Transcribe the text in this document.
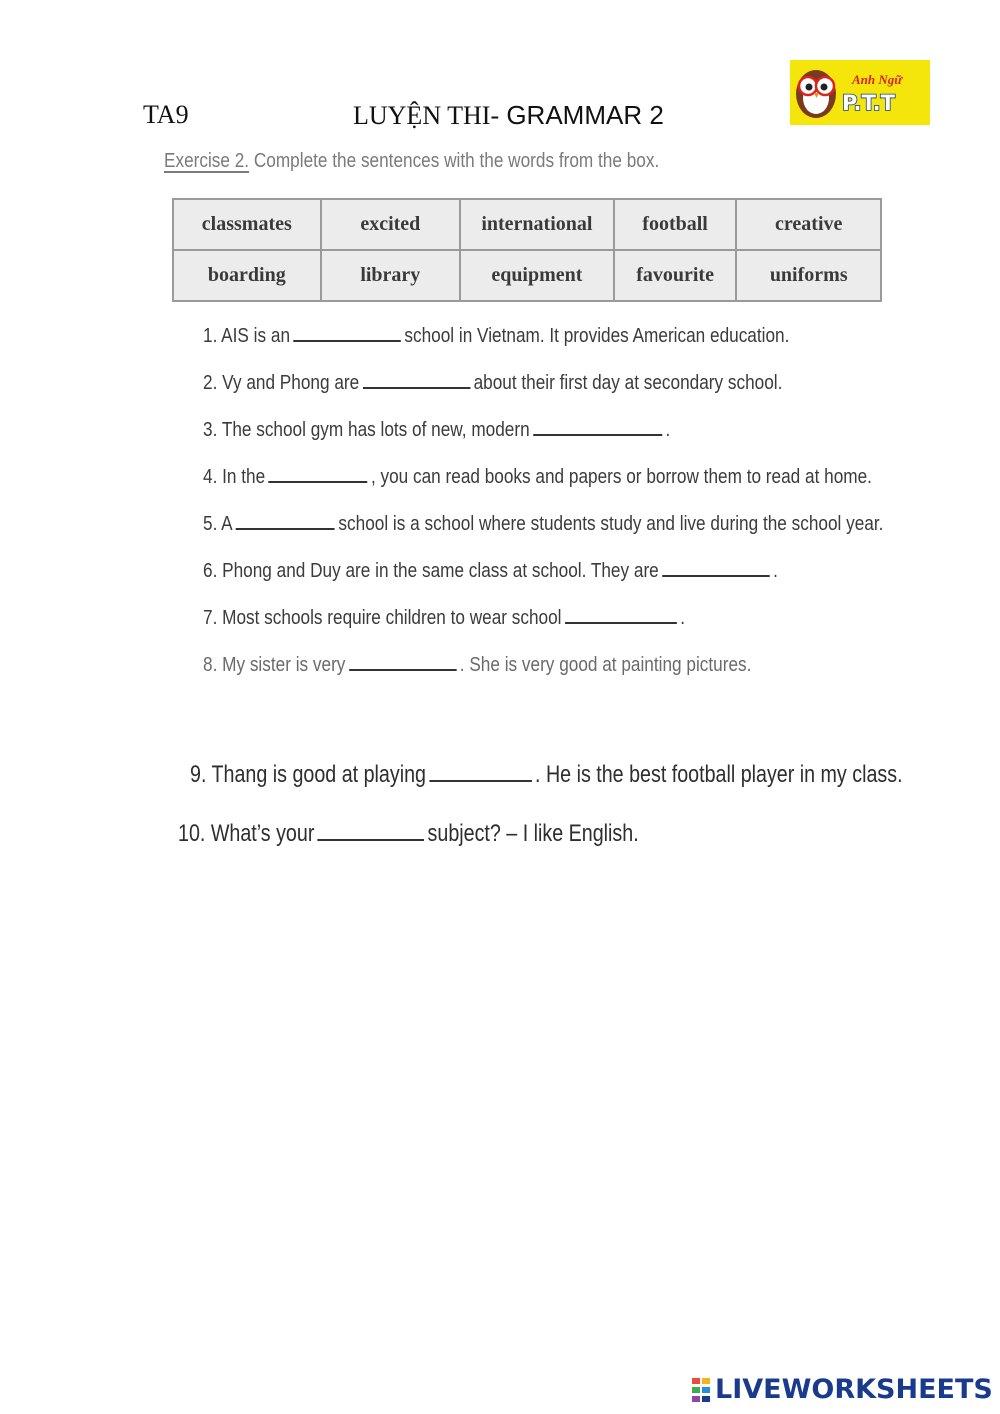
TA9	LUYỆN THI- GRAMMAR 2
Anh Ngữ
P.T.T
Exercise 2. Complete the sentences with the words from the box.
classmates	excited	international	football	creative
boarding	library	equipment	favourite	uniforms
1. AIS is an	school in Vietnam. It provides American education.
2. Vy and Phong are	about their first day at secondary school.
3. The school gym has lots of new, modern	.
4. In the	, you can read books and papers or borrow them to read at home.
5. A	school is a school where students study and live during the school year.
6. Phong and Duy are in the same class at school. They are	.
7. Most schools require children to wear school	.
8. My sister is very	. She is very good at painting pictures.
9. Thang is good at playing	. He is the best football player in my class.
10. What’s your	subject? – I like English.
LIVEWORKSHEETS
